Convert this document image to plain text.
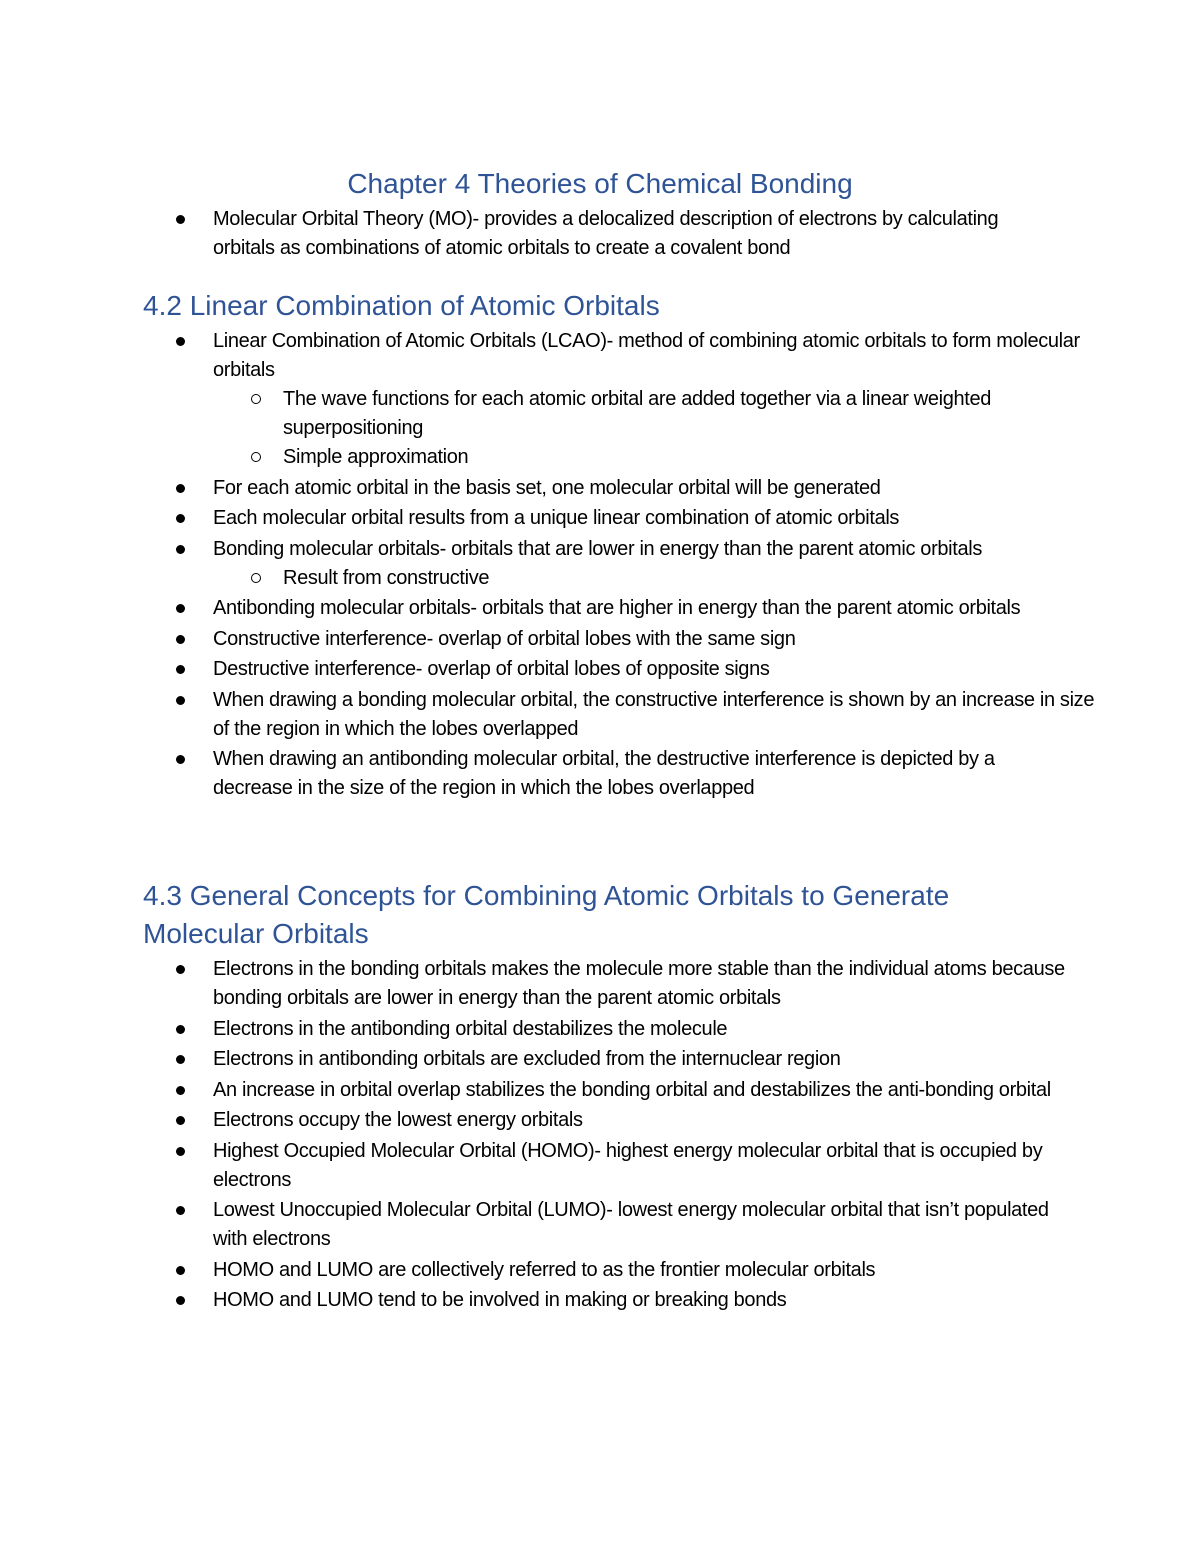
Chapter 4 Theories of Chemical Bonding
Molecular Orbital Theory (MO)- provides a delocalized description of electrons by calculating orbitals as combinations of atomic orbitals to create a covalent bond
4.2 Linear Combination of Atomic Orbitals
Linear Combination of Atomic Orbitals (LCAO)- method of combining atomic orbitals to form molecular orbitals
The wave functions for each atomic orbital are added together via a linear weighted superpositioning
Simple approximation
For each atomic orbital in the basis set, one molecular orbital will be generated
Each molecular orbital results from a unique linear combination of atomic orbitals
Bonding molecular orbitals- orbitals that are lower in energy than the parent atomic orbitals
Result from constructive
Antibonding molecular orbitals- orbitals that are higher in energy than the parent atomic orbitals
Constructive interference- overlap of orbital lobes with the same sign
Destructive interference- overlap of orbital lobes of opposite signs
When drawing a bonding molecular orbital, the constructive interference is shown by an increase in size of the region in which the lobes overlapped
When drawing an antibonding molecular orbital, the destructive interference is depicted by a decrease in the size of the region in which the lobes overlapped
4.3 General Concepts for Combining Atomic Orbitals to Generate Molecular Orbitals
Electrons in the bonding orbitals makes the molecule more stable than the individual atoms because bonding orbitals are lower in energy than the parent atomic orbitals
Electrons in the antibonding orbital destabilizes the molecule
Electrons in antibonding orbitals are excluded from the internuclear region
An increase in orbital overlap stabilizes the bonding orbital and destabilizes the anti-bonding orbital
Electrons occupy the lowest energy orbitals
Highest Occupied Molecular Orbital (HOMO)- highest energy molecular orbital that is occupied by electrons
Lowest Unoccupied Molecular Orbital (LUMO)- lowest energy molecular orbital that isn’t populated with electrons
HOMO and LUMO are collectively referred to as the frontier molecular orbitals
HOMO and LUMO tend to be involved in making or breaking bonds
